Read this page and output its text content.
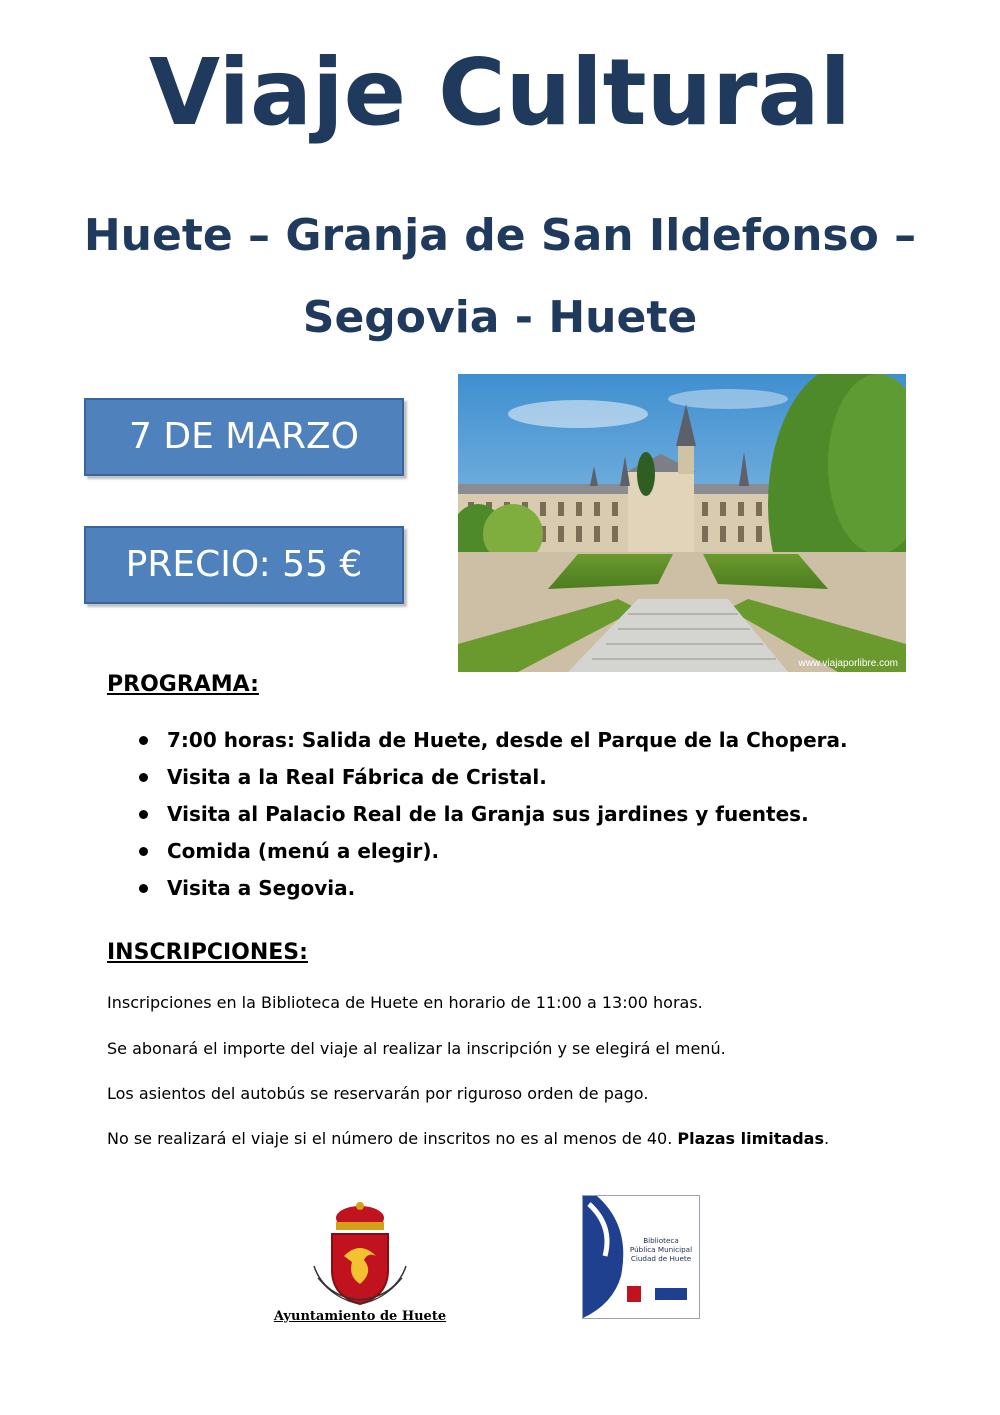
Viaje Cultural
Huete – Granja de San Ildefonso –
Segovia - Huete
7 DE MARZO
PRECIO: 55 €
www.viajaporlibre.com
PROGRAMA:
7:00 horas: Salida de Huete, desde el Parque de la Chopera.
Visita a la Real Fábrica de Cristal.
Visita al Palacio Real de la Granja sus jardines y fuentes.
Comida (menú a elegir).
Visita a Segovia.
INSCRIPCIONES:
Inscripciones en la Biblioteca de Huete en horario de 11:00 a 13:00 horas.
Se abonará el importe del viaje al realizar la inscripción y se elegirá el menú.
Los asientos del autobús se reservarán por riguroso orden de pago.
No se realizará el viaje si el número de inscritos no es al menos de 40. Plazas limitadas.
Ayuntamiento de Huete
Biblioteca
Pública Municipal
Ciudad de Huete
